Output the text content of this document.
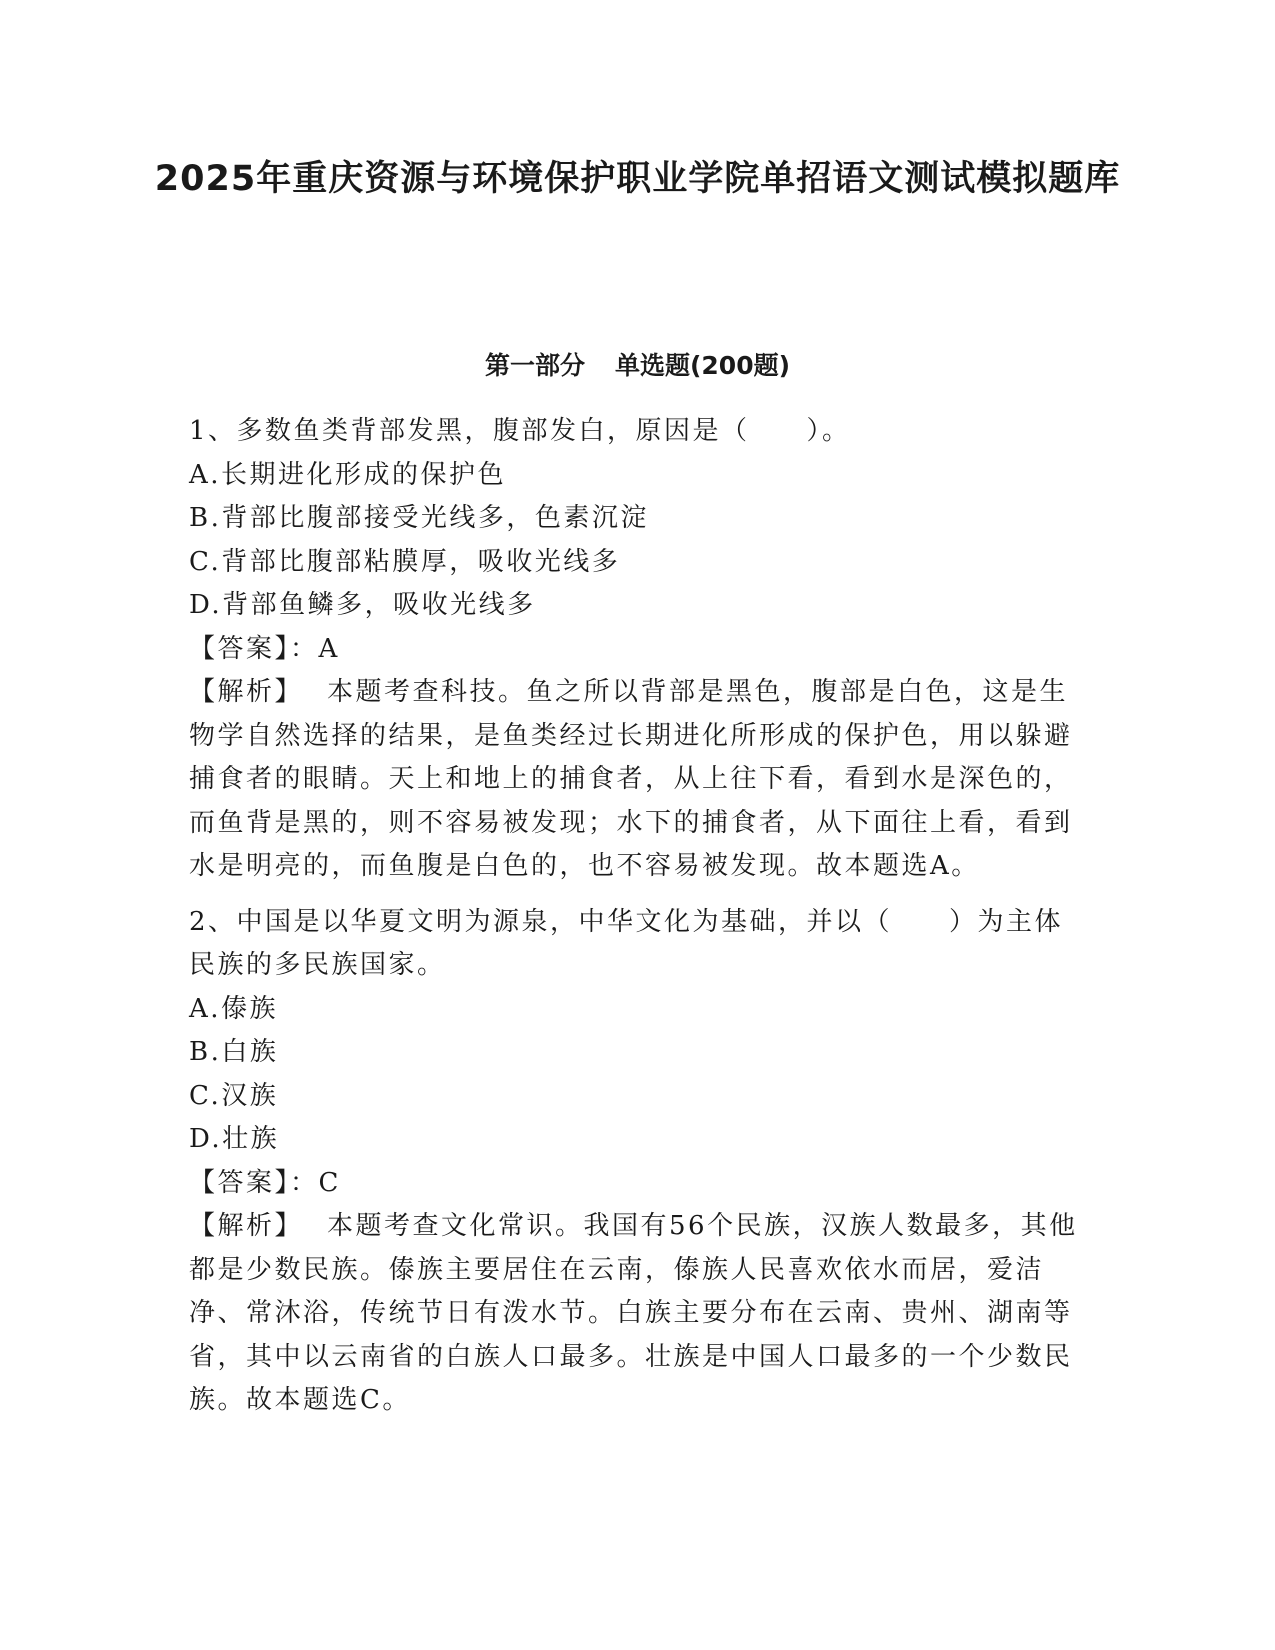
2025年重庆资源与环境保护职业学院单招语文测试模拟题库
第一部分 单选题(200题)
1、多数鱼类背部发黑，腹部发白，原因是（　　）。
A.长期进化形成的保护色
B.背部比腹部接受光线多，色素沉淀
C.背部比腹部粘膜厚，吸收光线多
D.背部鱼鳞多，吸收光线多
【答案】：A
【解析】 本题考查科技。鱼之所以背部是黑色，腹部是白色，这是生物学自然选择的结果，是鱼类经过长期进化所形成的保护色，用以躲避捕食者的眼睛。天上和地上的捕食者，从上往下看，看到水是深色的，而鱼背是黑的，则不容易被发现；水下的捕食者，从下面往上看，看到水是明亮的，而鱼腹是白色的，也不容易被发现。故本题选A。
2、中国是以华夏文明为源泉，中华文化为基础，并以（　　）为主体民族的多民族国家。
A.傣族
B.白族
C.汉族
D.壮族
【答案】：C
【解析】 本题考查文化常识。我国有56个民族，汉族人数最多，其他都是少数民族。傣族主要居住在云南，傣族人民喜欢依水而居，爱洁净、常沐浴，传统节日有泼水节。白族主要分布在云南、贵州、湖南等省，其中以云南省的白族人口最多。壮族是中国人口最多的一个少数民族。故本题选C。
